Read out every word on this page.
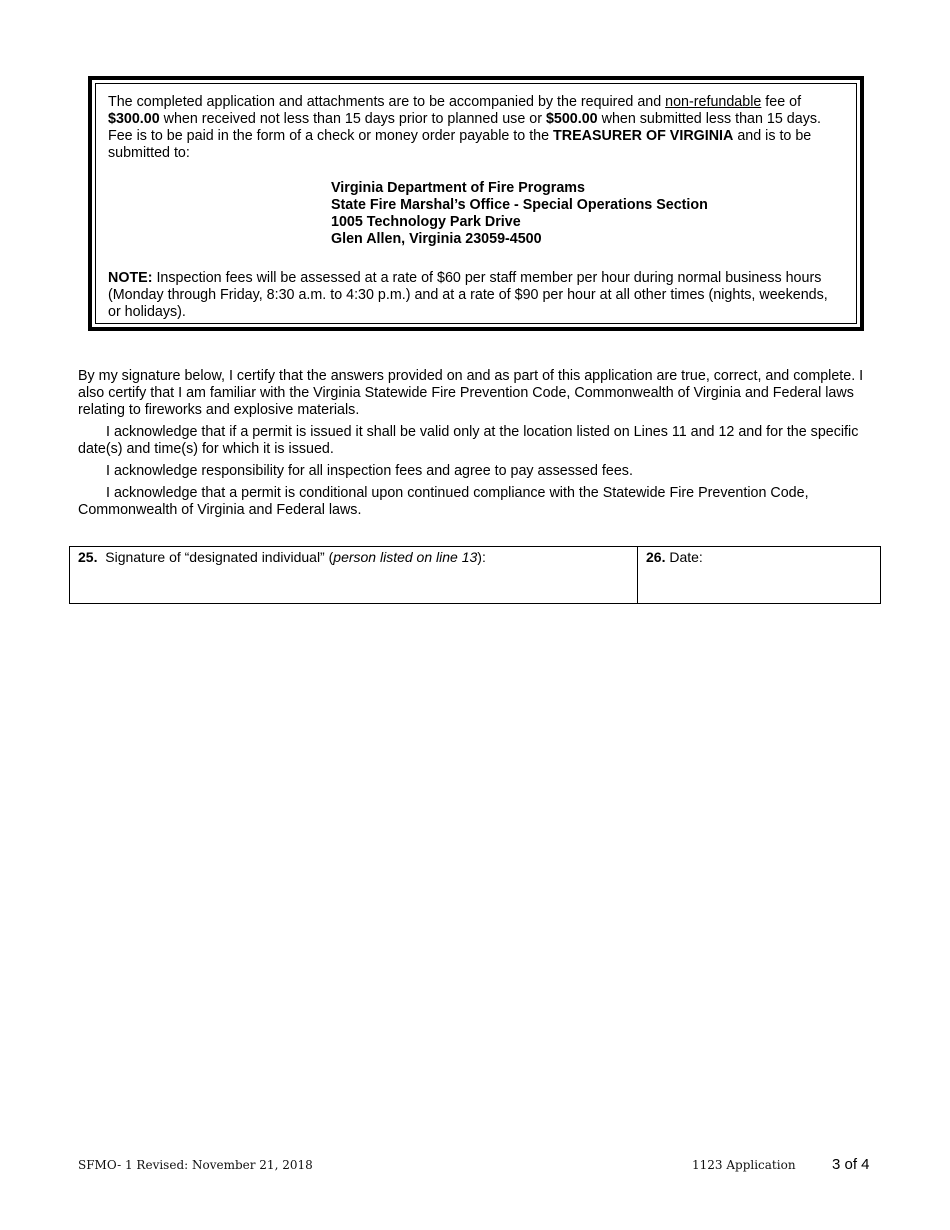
The completed application and attachments are to be accompanied by the required and non-refundable fee of $300.00 when received not less than 15 days prior to planned use or $500.00 when submitted less than 15 days. Fee is to be paid in the form of a check or money order payable to the TREASURER OF VIRGINIA and is to be submitted to:

Virginia Department of Fire Programs
State Fire Marshal’s Office - Special Operations Section
1005 Technology Park Drive
Glen Allen, Virginia 23059-4500

NOTE: Inspection fees will be assessed at a rate of $60 per staff member per hour during normal business hours (Monday through Friday, 8:30 a.m. to 4:30 p.m.) and at a rate of $90 per hour at all other times (nights, weekends, or holidays).

By my signature below, I certify that the answers provided on and as part of this application are true, correct, and complete. I also certify that I am familiar with the Virginia Statewide Fire Prevention Code, Commonwealth of Virginia and Federal laws relating to fireworks and explosive materials.

I acknowledge that if a permit is issued it shall be valid only at the location listed on Lines 11 and 12 and for the specific date(s) and time(s) for which it is issued.

I acknowledge responsibility for all inspection fees and agree to pay assessed fees.

I acknowledge that a permit is conditional upon continued compliance with the Statewide Fire Prevention Code, Commonwealth of Virginia and Federal laws.

25.  Signature of “designated individual” (person listed on line 13):	26. Date:
SFMO- 1 Revised: November 21, 2018	1123 Application 3 of 4
